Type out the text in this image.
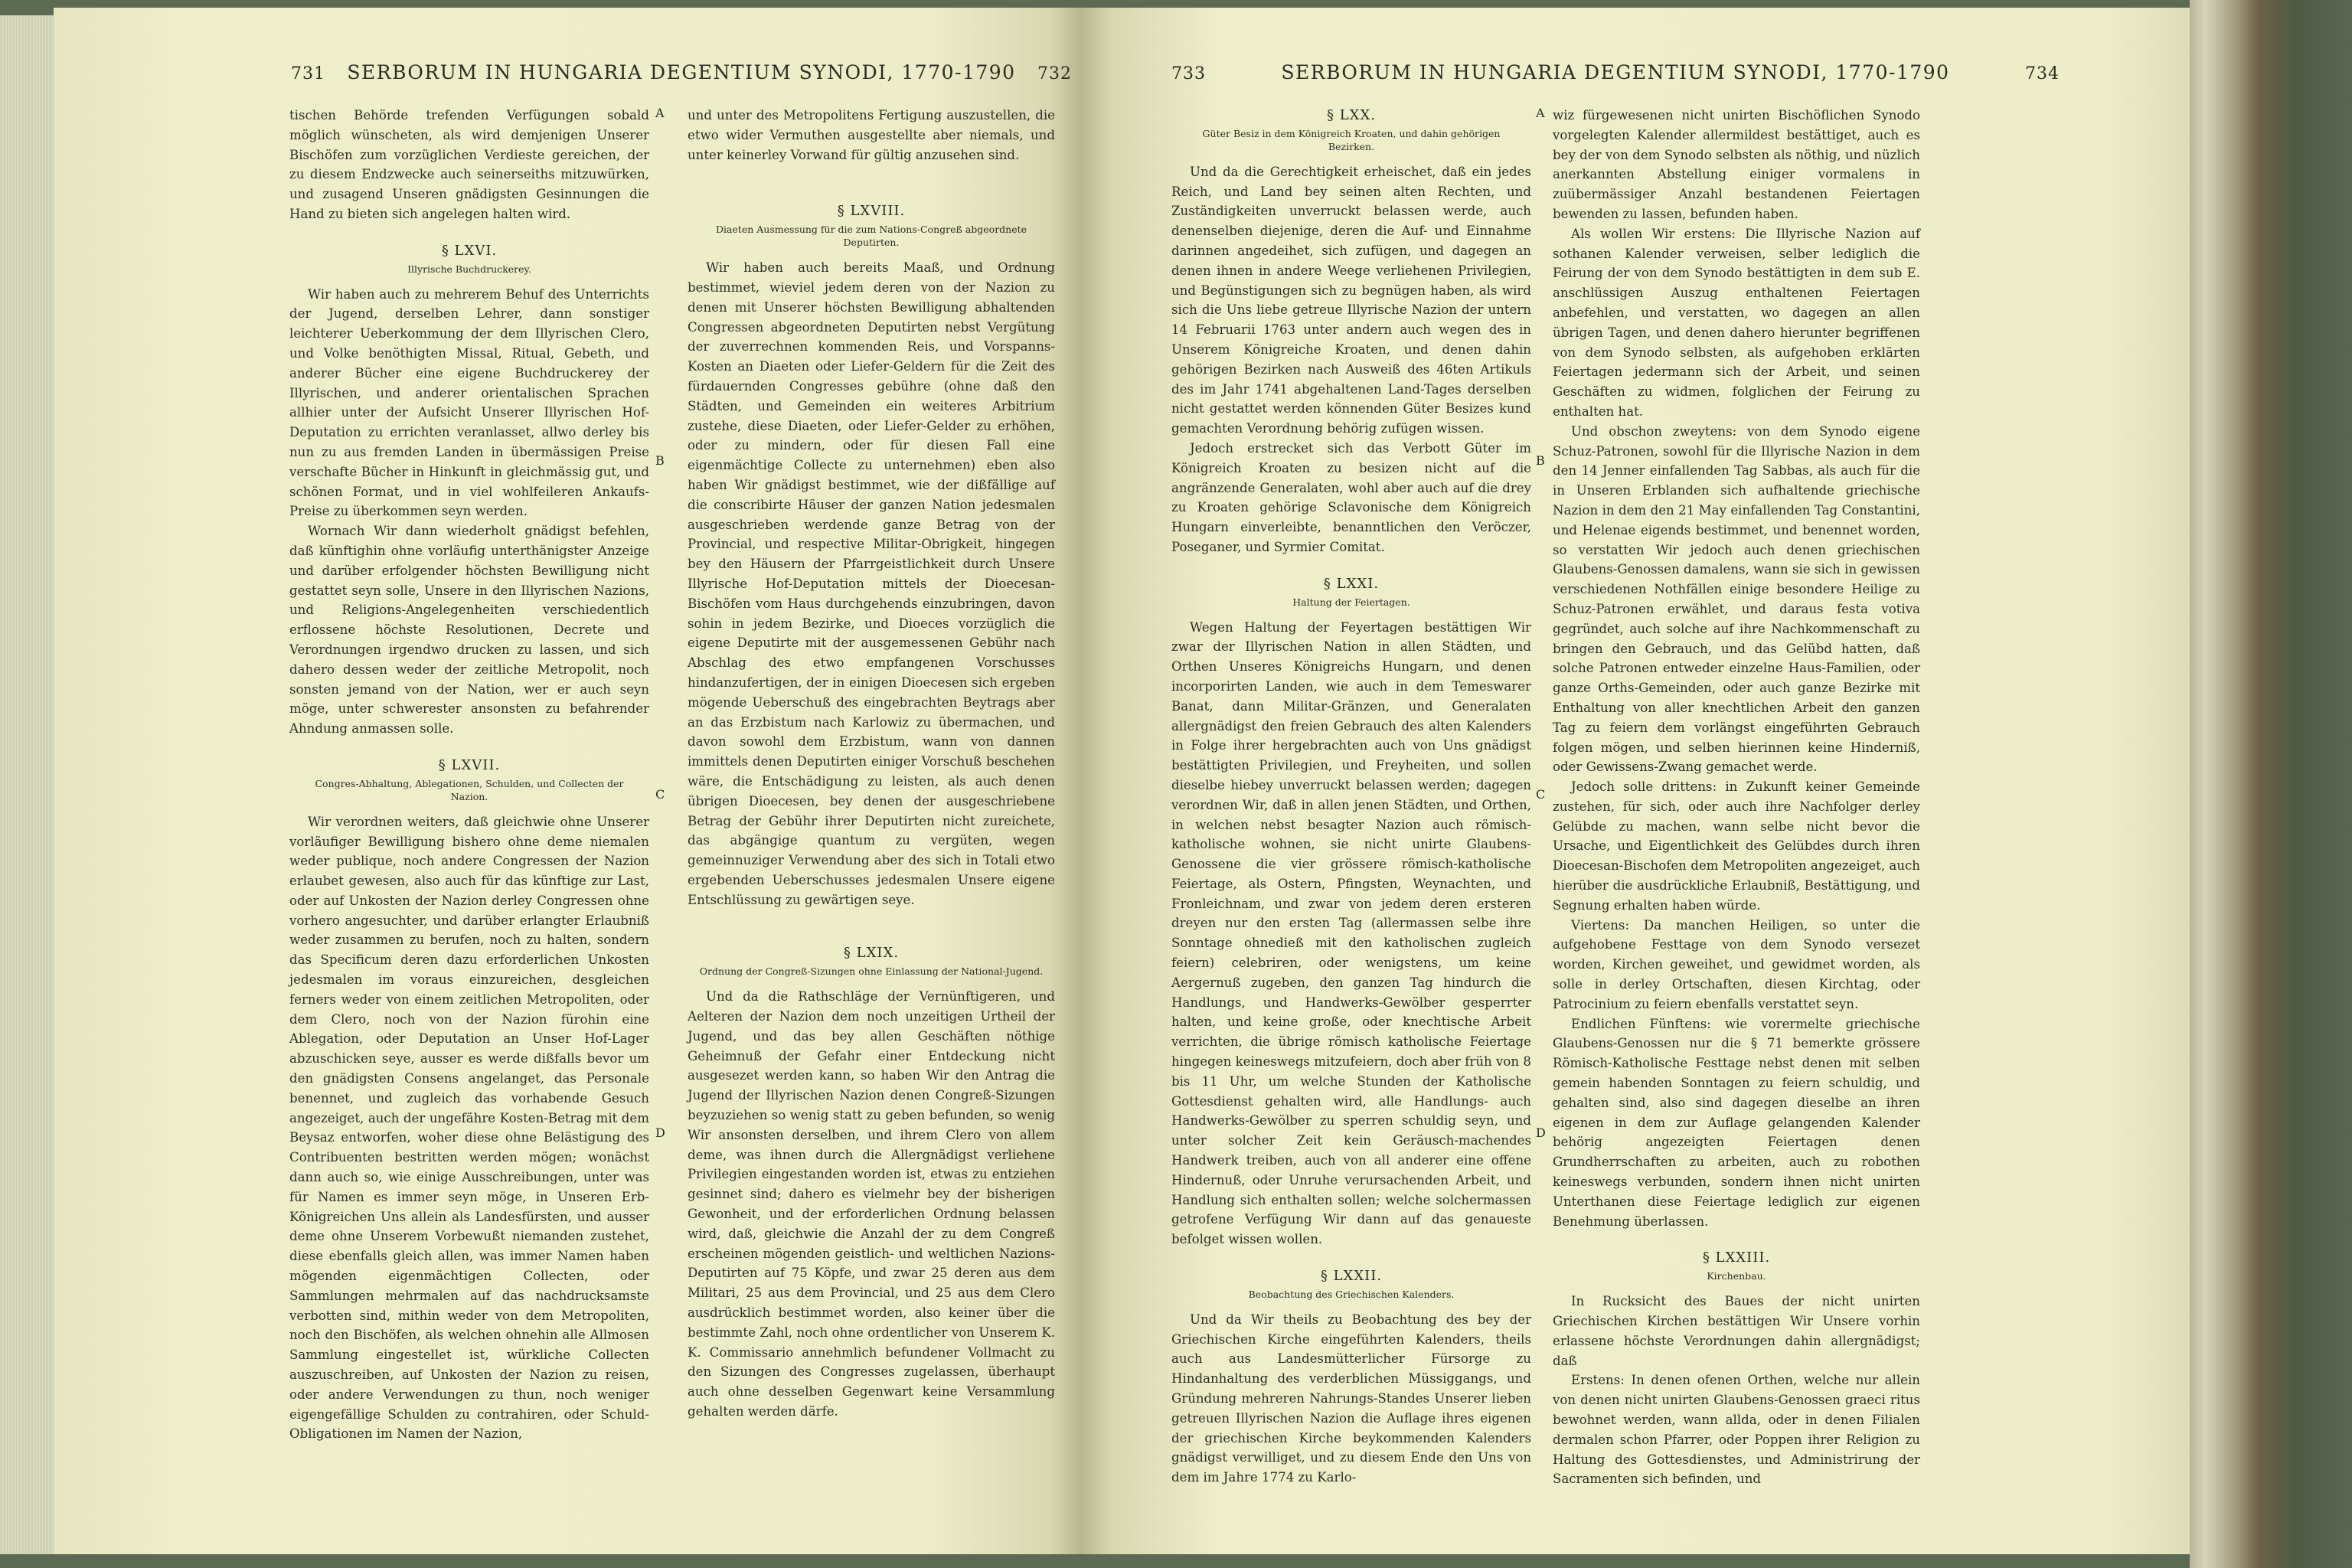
731 SERBORUM IN HUNGARIA DEGENTIUM SYNODI, 1770-1790 732

tischen Behörde trefenden Verfügungen sobald möglich wünscheten, als wird demjenigen Unserer Bischöfen zum vorzüglichen Verdieste gereichen, der zu diesem Endzwecke auch seinerseiths mitzuwürken, und zusagend Unseren gnädigsten Gesinnungen die Hand zu bieten sich angelegen halten wird.

§ LXVI.
Illyrische Buchdruckerey.

Wir haben auch zu mehrerem Behuf des Unterrichts der Jugend, derselben Lehrer, dann sonstiger leichterer Ueberkommung der dem Illyrischen Clero, und Volke benöthigten Missal, Ritual, Gebeth, und anderer Bücher eine eigene Buchdruckerey der Illyrischen, und anderer orientalischen Sprachen allhier unter der Aufsicht Unserer Illyrischen Hof-Deputation zu errichten veranlasset, allwo derley bis nun zu aus fremden Landen in übermässigen Preise verschafte Bücher in Hinkunft in gleichmässig gut, und schönen Format, und in viel wohlfeileren Ankaufs-Preise zu überkommen seyn werden.

Wornach Wir dann wiederholt gnädigst befehlen, daß künftighin ohne vorläufig unterthänigster Anzeige und darüber erfolgender höchsten Bewilligung nicht gestattet seyn solle, Unsere in den Illyrischen Nazions, und Religions-Angelegenheiten verschiedentlich erflossene höchste Resolutionen, Decrete und Verordnungen irgendwo drucken zu lassen, und sich dahero dessen weder der zeitliche Metropolit, noch sonsten jemand von der Nation, wer er auch seyn möge, unter schwerester ansonsten zu befahrender Ahndung anmassen solle.

§ LXVII.
Congres-Abhaltung, Ablegationen, Schulden, und Collecten der Nazion.

Wir verordnen weiters, daß gleichwie ohne Unserer vorläufiger Bewilligung bishero ohne deme niemalen weder publique, noch andere Congressen der Nazion erlaubet gewesen, also auch für das künftige zur Last, oder auf Unkosten der Nazion derley Congressen ohne vorhero angesuchter, und darüber erlangter Erlaubniß weder zusammen zu berufen, noch zu halten, sondern das Specificum deren dazu erforderlichen Unkosten jedesmalen im voraus einzureichen, desgleichen ferners weder von einem zeitlichen Metropoliten, oder dem Clero, noch von der Nazion fürohin eine Ablegation, oder Deputation an Unser Hof-Lager abzuschicken seye, ausser es werde dißfalls bevor um den gnädigsten Consens angelanget, das Personale benennet, und zugleich das vorhabende Gesuch angezeiget, auch der ungefähre Kosten-Betrag mit dem Beysaz entworfen, woher diese ohne Belästigung des Contribuenten bestritten werden mögen; wonächst dann auch so, wie einige Ausschreibungen, unter was für Namen es immer seyn möge, in Unseren Erb-Königreichen Uns allein als Landesfürsten, und ausser deme ohne Unserem Vorbewußt niemanden zustehet, diese ebenfalls gleich allen, was immer Namen haben mögenden eigenmächtigen Collecten, oder Sammlungen mehrmalen auf das nachdrucksamste verbotten sind, mithin weder von dem Metropoliten, noch den Bischöfen, als welchen ohnehin alle Allmosen Sammlung eingestellet ist, würkliche Collecten auszuschreiben, auf Unkosten der Nazion zu reisen, oder andere Verwendungen zu thun, noch weniger eigengefällige Schulden zu contrahiren, oder Schuld-Obligationen im Namen der Nazion,

A
B
C
D

und unter des Metropolitens Fertigung auszustellen, die etwo wider Vermuthen ausgestellte aber niemals, und unter keinerley Vorwand für gültig anzusehen sind.

§ LXVIII.
Diaeten Ausmessung für die zum Nations-Congreß abgeordnete Deputirten.

Wir haben auch bereits Maaß, und Ordnung bestimmet, wieviel jedem deren von der Nazion zu denen mit Unserer höchsten Bewilligung abhaltenden Congressen abgeordneten Deputirten nebst Vergütung der zuverrechnen kommenden Reis, und Vorspanns-Kosten an Diaeten oder Liefer-Geldern für die Zeit des fürdauernden Congresses gebühre (ohne daß den Städten, und Gemeinden ein weiteres Arbitrium zustehe, diese Diaeten, oder Liefer-Gelder zu erhöhen, oder zu mindern, oder für diesen Fall eine eigenmächtige Collecte zu unternehmen) eben also haben Wir gnädigst bestimmet, wie der dißfällige auf die conscribirte Häuser der ganzen Nation jedesmalen ausgeschrieben werdende ganze Betrag von der Provincial, und respective Militar-Obrigkeit, hingegen bey den Häusern der Pfarrgeistlichkeit durch Unsere Illyrische Hof-Deputation mittels der Dioecesan-Bischöfen vom Haus durchgehends einzubringen, davon sohin in jedem Bezirke, und Dioeces vorzüglich die eigene Deputirte mit der ausgemessenen Gebühr nach Abschlag des etwo empfangenen Vorschusses hindanzufertigen, der in einigen Dioecesen sich ergeben mögende Ueberschuß des eingebrachten Beytrags aber an das Erzbistum nach Karlowiz zu übermachen, und davon sowohl dem Erzbistum, wann von dannen immittels denen Deputirten einiger Vorschuß beschehen wäre, die Entschädigung zu leisten, als auch denen übrigen Dioecesen, bey denen der ausgeschriebene Betrag der Gebühr ihrer Deputirten nicht zureichete, das abgängige quantum zu vergüten, wegen gemeinnuziger Verwendung aber des sich in Totali etwo ergebenden Ueberschusses jedesmalen Unsere eigene Entschlüssung zu gewärtigen seye.

§ LXIX.
Ordnung der Congreß-Sizungen ohne Einlassung der National-Jugend.

Und da die Rathschläge der Vernünftigeren, und Aelteren der Nazion dem noch unzeitigen Urtheil der Jugend, und das bey allen Geschäften nöthige Geheimnuß der Gefahr einer Entdeckung nicht ausgesezet werden kann, so haben Wir den Antrag die Jugend der Illyrischen Nazion denen Congreß-Sizungen beyzuziehen so wenig statt zu geben befunden, so wenig Wir ansonsten derselben, und ihrem Clero von allem deme, was ihnen durch die Allergnädigst verliehene Privilegien eingestanden worden ist, etwas zu entziehen gesinnet sind; dahero es vielmehr bey der bisherigen Gewonheit, und der erforderlichen Ordnung belassen wird, daß, gleichwie die Anzahl der zu dem Congreß erscheinen mögenden geistlich- und weltlichen Nazions-Deputirten auf 75 Köpfe, und zwar 25 deren aus dem Militari, 25 aus dem Provincial, und 25 aus dem Clero ausdrücklich bestimmet worden, also keiner über die bestimmte Zahl, noch ohne ordentlicher von Unserem K. K. Commissario annehmlich befundener Vollmacht zu den Sizungen des Congresses zugelassen, überhaupt auch ohne desselben Gegenwart keine Versammlung gehalten werden därfe.

733	SERBORUM IN HUNGARIA DEGENTIUM SYNODI, 1770-1790	734
§ LXX.
Güter Besiz in dem Königreich Kroaten, und dahin gehörigen Bezirken.

Und da die Gerechtigkeit erheischet, daß ein jedes Reich, und Land bey seinen alten Rechten, und Zuständigkeiten unverruckt belassen werde, auch denenselben diejenige, deren die Auf- und Einnahme darinnen angedeihet, sich zufügen, und dagegen an denen ihnen in andere Weege verliehenen Privilegien, und Begünstigungen sich zu begnügen haben, als wird sich die Uns liebe getreue Illyrische Nazion der untern 14 Februarii 1763 unter andern auch wegen des in Unserem Königreiche Kroaten, und denen dahin gehörigen Bezirken nach Ausweiß des 46ten Artikuls des im Jahr 1741 abgehaltenen Land-Tages derselben nicht gestattet werden könnenden Güter Besizes kund gemachten Verordnung behörig zufügen wissen.

Jedoch erstrecket sich das Verbott Güter im Königreich Kroaten zu besizen nicht auf die angränzende Generalaten, wohl aber auch auf die drey zu Kroaten gehörige Sclavonische dem Königreich Hungarn einverleibte, benanntlichen den Veröczer, Poseganer, und Syrmier Comitat.

§ LXXI.
Haltung der Feiertagen.

Wegen Haltung der Feyertagen bestättigen Wir zwar der Illyrischen Nation in allen Städten, und Orthen Unseres Königreichs Hungarn, und denen incorporirten Landen, wie auch in dem Temeswarer Banat, dann Militar-Gränzen, und Generalaten allergnädigst den freien Gebrauch des alten Kalenders in Folge ihrer hergebrachten auch von Uns gnädigst bestättigten Privilegien, und Freyheiten, und sollen dieselbe hiebey unverruckt belassen werden; dagegen verordnen Wir, daß in allen jenen Städten, und Orthen, in welchen nebst besagter Nazion auch römisch-katholische wohnen, sie nicht unirte Glaubens-Genossene die vier grössere römisch-katholische Feiertage, als Ostern, Pfingsten, Weynachten, und Fronleichnam, und zwar von jedem deren ersteren dreyen nur den ersten Tag (allermassen selbe ihre Sonntage ohnedieß mit den katholischen zugleich feiern) celebriren, oder wenigstens, um keine Aergernuß zugeben, den ganzen Tag hindurch die Handlungs, und Handwerks-Gewölber gesperrter halten, und keine große, oder knechtische Arbeit verrichten, die übrige römisch katholische Feiertage hingegen keineswegs mitzufeiern, doch aber früh von 8 bis 11 Uhr, um welche Stunden der Katholische Gottesdienst gehalten wird, alle Handlungs- auch Handwerks-Gewölber zu sperren schuldig seyn, und unter solcher Zeit kein Geräusch-machendes Handwerk treiben, auch von all anderer eine offene Hindernuß, oder Unruhe verursachenden Arbeit, und Handlung sich enthalten sollen; welche solchermassen getrofene Verfügung Wir dann auf das genaueste befolget wissen wollen.

§ LXXII.
Beobachtung des Griechischen Kalenders.

Und da Wir theils zu Beobachtung des bey der Griechischen Kirche eingeführten Kalenders, theils auch aus Landesmütterlicher Fürsorge zu Hindanhaltung des verderblichen Müssiggangs, und Gründung mehreren Nahrungs-Standes Unserer lieben getreuen Illyrischen Nazion die Auflage ihres eigenen der griechischen Kirche beykommenden Kalenders gnädigst verwilliget, und zu diesem Ende den Uns von dem im Jahre 1774 zu Karlo-

A
B
C
D

wiz fürgewesenen nicht unirten Bischöflichen Synodo vorgelegten Kalender allermildest bestättiget, auch es bey der von dem Synodo selbsten als nöthig, und nüzlich anerkannten Abstellung einiger vormalens in zuübermässiger Anzahl bestandenen Feiertagen bewenden zu lassen, befunden haben.

Als wollen Wir erstens: Die Illyrische Nazion auf sothanen Kalender verweisen, selber lediglich die Feirung der von dem Synodo bestättigten in dem sub E. anschlüssigen Auszug enthaltenen Feiertagen anbefehlen, und verstatten, wo dagegen an allen übrigen Tagen, und denen dahero hierunter begriffenen von dem Synodo selbsten, als aufgehoben erklärten Feiertagen jedermann sich der Arbeit, und seinen Geschäften zu widmen, folglichen der Feirung zu enthalten hat.

Und obschon zweytens: von dem Synodo eigene Schuz-Patronen, sowohl für die Illyrische Nazion in dem den 14 Jenner einfallenden Tag Sabbas, als auch für die in Unseren Erblanden sich aufhaltende griechische Nazion in dem den 21 May einfallenden Tag Constantini, und Helenae eigends bestimmet, und benennet worden, so verstatten Wir jedoch auch denen griechischen Glaubens-Genossen damalens, wann sie sich in gewissen verschiedenen Nothfällen einige besondere Heilige zu Schuz-Patronen erwählet, und daraus festa votiva gegründet, auch solche auf ihre Nachkommenschaft zu bringen den Gebrauch, und das Gelübd hatten, daß solche Patronen entweder einzelne Haus-Familien, oder ganze Orths-Gemeinden, oder auch ganze Bezirke mit Enthaltung von aller knechtlichen Arbeit den ganzen Tag zu feiern dem vorlängst eingeführten Gebrauch folgen mögen, und selben hierinnen keine Hinderniß, oder Gewissens-Zwang gemachet werde.

Jedoch solle drittens: in Zukunft keiner Gemeinde zustehen, für sich, oder auch ihre Nachfolger derley Gelübde zu machen, wann selbe nicht bevor die Ursache, und Eigentlichkeit des Gelübdes durch ihren Dioecesan-Bischofen dem Metropoliten angezeiget, auch hierüber die ausdrückliche Erlaubniß, Bestättigung, und Segnung erhalten haben würde.

Viertens: Da manchen Heiligen, so unter die aufgehobene Festtage von dem Synodo versezet worden, Kirchen geweihet, und gewidmet worden, als solle in derley Ortschaften, diesen Kirchtag, oder Patrocinium zu feiern ebenfalls verstattet seyn.

Endlichen Fünftens: wie vorermelte griechische Glaubens-Genossen nur die § 71 bemerkte grössere Römisch-Katholische Festtage nebst denen mit selben gemein habenden Sonntagen zu feiern schuldig, und gehalten sind, also sind dagegen dieselbe an ihren eigenen in dem zur Auflage gelangenden Kalender behörig angezeigten Feiertagen denen Grundherrschaften zu arbeiten, auch zu robothen keineswegs verbunden, sondern ihnen nicht unirten Unterthanen diese Feiertage lediglich zur eigenen Benehmung überlassen.

§ LXXIII.
Kirchenbau.

In Rucksicht des Baues der nicht unirten Griechischen Kirchen bestättigen Wir Unsere vorhin erlassene höchste Verordnungen dahin allergnädigst; daß

Erstens: In denen ofenen Orthen, welche nur allein von denen nicht unirten Glaubens-Genossen graeci ritus bewohnet werden, wann allda, oder in denen Filialen dermalen schon Pfarrer, oder Poppen ihrer Religion zu Haltung des Gottesdienstes, und Administrirung der Sacramenten sich befinden, und
